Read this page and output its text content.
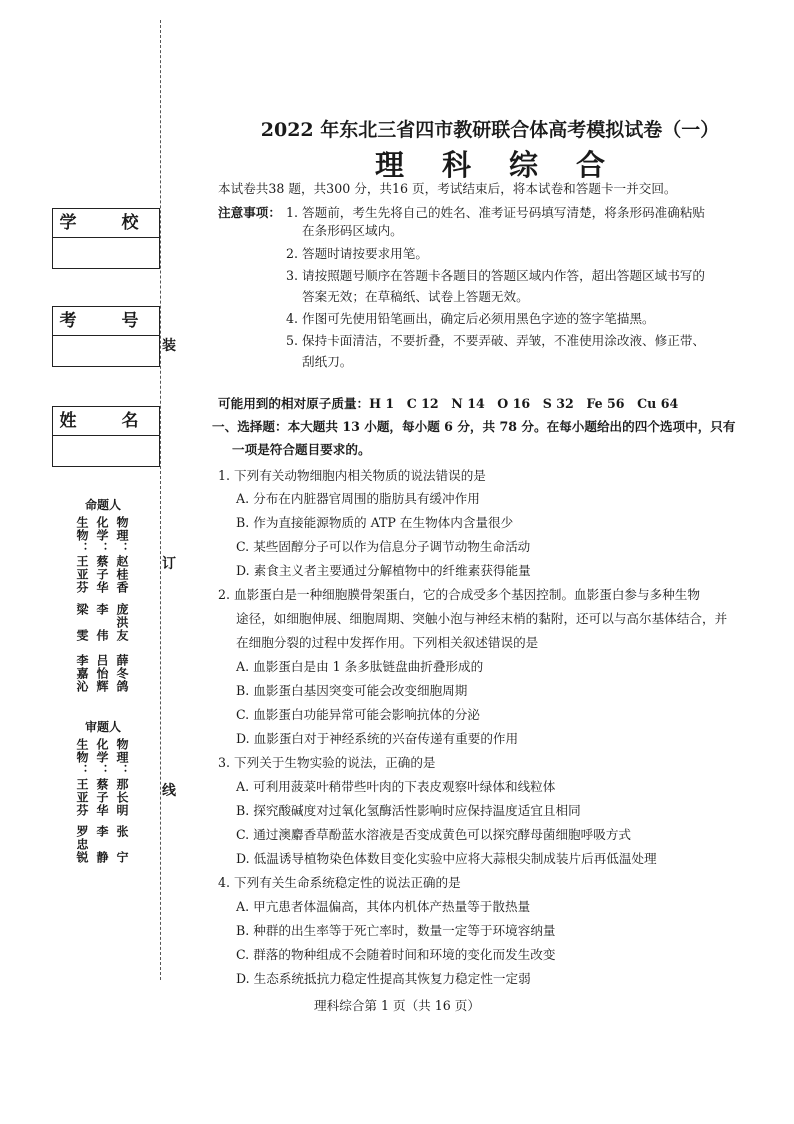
装
订
线
学　校
考　号
姓　名
命题人
生物：
王亚芬
梁　雯
李嘉沁
化学：
蔡子华
李　伟
吕怡辉
物理：
赵桂香
庞洪友
薛冬鸽
审题人
生物：
王亚芬
罗忠锐
化学：
蔡子华
李　静
物理：
那长明
张　宁
2022 年东北三省四市教研联合体高考模拟试卷（一）
理科综合
本试卷共38 题，共300 分，共16 页，考试结束后，将本试卷和答题卡一并交回。
注意事项： 1. 答题前，考生先将自己的姓名、准考证号码填写清楚，将条形码准确粘贴
在条形码区域内。
2. 答题时请按要求用笔。
3. 请按照题号顺序在答题卡各题目的答题区域内作答，超出答题区域书写的
答案无效；在草稿纸、试卷上答题无效。
4. 作图可先使用铅笔画出，确定后必须用黑色字迹的签字笔描黑。
5. 保持卡面清洁，不要折叠，不要弄破、弄皱，不准使用涂改液、修正带、
刮纸刀。
可能用到的相对原子质量：H 1　C 12　N 14　O 16　S 32　Fe 56　Cu 64
一、选择题：本大题共 13 小题，每小题 6 分，共 78 分。在每小题给出的四个选项中，只有
一项是符合题目要求的。
1. 下列有关动物细胞内相关物质的说法错误的是
A. 分布在内脏器官周围的脂肪具有缓冲作用
B. 作为直接能源物质的 ATP 在生物体内含量很少
C. 某些固醇分子可以作为信息分子调节动物生命活动
D. 素食主义者主要通过分解植物中的纤维素获得能量
2. 血影蛋白是一种细胞膜骨架蛋白，它的合成受多个基因控制。血影蛋白参与多种生物
途径，如细胞伸展、细胞周期、突触小泡与神经末梢的黏附，还可以与高尔基体结合，并
在细胞分裂的过程中发挥作用。下列相关叙述错误的是
A. 血影蛋白是由 1 条多肽链盘曲折叠形成的
B. 血影蛋白基因突变可能会改变细胞周期
C. 血影蛋白功能异常可能会影响抗体的分泌
D. 血影蛋白对于神经系统的兴奋传递有重要的作用
3. 下列关于生物实验的说法，正确的是
A. 可利用菠菜叶稍带些叶肉的下表皮观察叶绿体和线粒体
B. 探究酸碱度对过氧化氢酶活性影响时应保持温度适宜且相同
C. 通过澳麝香草酚蓝水溶液是否变成黄色可以探究酵母菌细胞呼吸方式
D. 低温诱导植物染色体数目变化实验中应将大蒜根尖制成装片后再低温处理
4. 下列有关生命系统稳定性的说法正确的是
A. 甲亢患者体温偏高，其体内机体产热量等于散热量
B. 种群的出生率等于死亡率时，数量一定等于环境容纳量
C. 群落的物种组成不会随着时间和环境的变化而发生改变
D. 生态系统抵抗力稳定性提高其恢复力稳定性一定弱
理科综合第 1 页（共 16 页）
